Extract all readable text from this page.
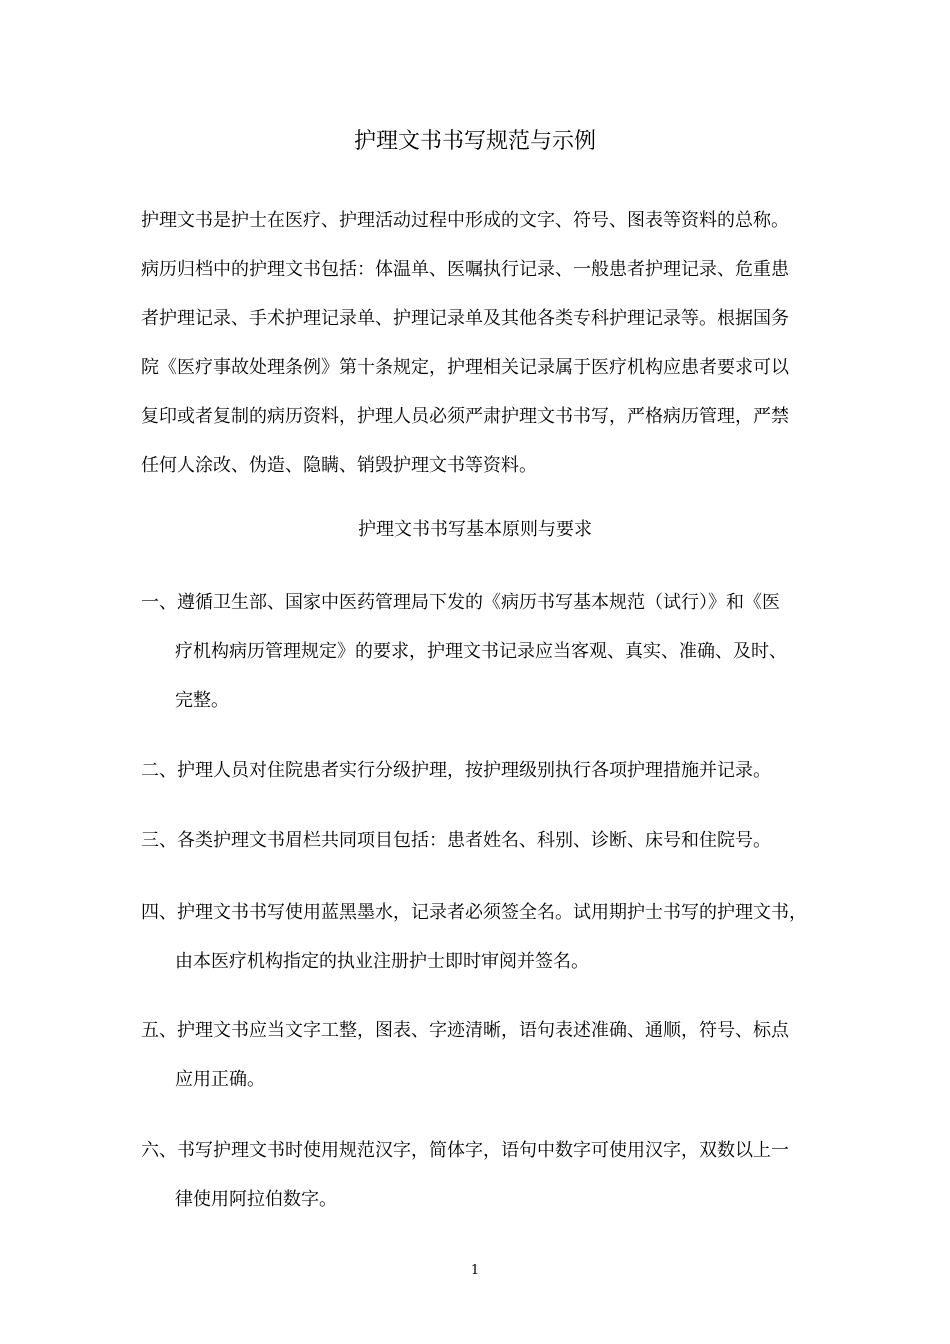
护理文书书写规范与示例
护理文书是护士在医疗、护理活动过程中形成的文字、符号、图表等资料的总称。
病历归档中的护理文书包括：体温单、医嘱执行记录、一般患者护理记录、危重患
者护理记录、手术护理记录单、护理记录单及其他各类专科护理记录等。根据国务
院《医疗事故处理条例》第十条规定，护理相关记录属于医疗机构应患者要求可以
复印或者复制的病历资料，护理人员必须严肃护理文书书写，严格病历管理，严禁
任何人涂改、伪造、隐瞒、销毁护理文书等资料。
护理文书书写基本原则与要求
一、遵循卫生部、国家中医药管理局下发的《病历书写基本规范（试行）》和《医
疗机构病历管理规定》的要求，护理文书记录应当客观、真实、准确、及时、
完整。
二、护理人员对住院患者实行分级护理，按护理级别执行各项护理措施并记录。
三、各类护理文书眉栏共同项目包括：患者姓名、科别、诊断、床号和住院号。
四、护理文书书写使用蓝黑墨水，记录者必须签全名。试用期护士书写的护理文书，
由本医疗机构指定的执业注册护士即时审阅并签名。
五、护理文书应当文字工整，图表、字迹清晰，语句表述准确、通顺，符号、标点
应用正确。
六、书写护理文书时使用规范汉字，简体字，语句中数字可使用汉字，双数以上一
律使用阿拉伯数字。
1
